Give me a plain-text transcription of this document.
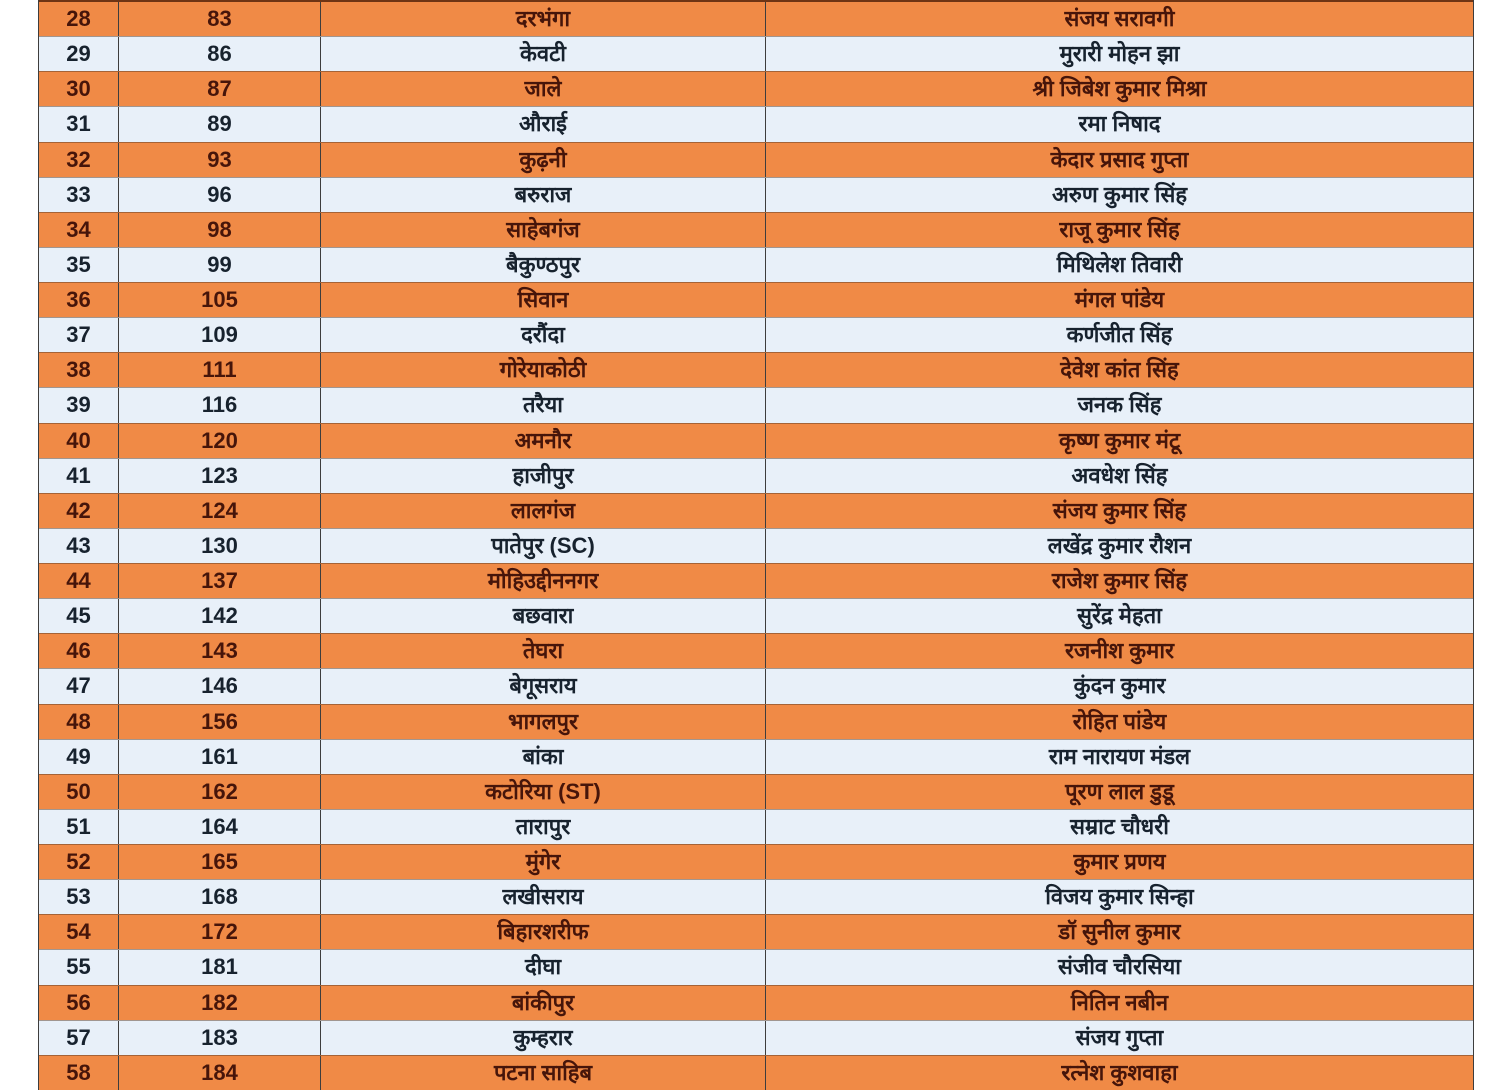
28	83	दरभंगा	संजय सरावगी
29	86	केवटी	मुरारी मोहन झा
30	87	जाले	श्री जिबेश कुमार मिश्रा
31	89	औराई	रमा निषाद
32	93	कुढ़नी	केदार प्रसाद गुप्ता
33	96	बरुराज	अरुण कुमार सिंह
34	98	साहेबगंज	राजू कुमार सिंह
35	99	बैकुण्ठपुर	मिथिलेश तिवारी
36	105	सिवान	मंगल पांडेय
37	109	दरौंदा	कर्णजीत सिंह
38	111	गोरेयाकोठी	देवेश कांत सिंह
39	116	तरैया	जनक सिंह
40	120	अमनौर	कृष्ण कुमार मंटू
41	123	हाजीपुर	अवधेश सिंह
42	124	लालगंज	संजय कुमार सिंह
43	130	पातेपुर (SC)	लखेंद्र कुमार रौशन
44	137	मोहिउद्दीननगर	राजेश कुमार सिंह
45	142	बछवारा	सुरेंद्र मेहता
46	143	तेघरा	रजनीश कुमार
47	146	बेगूसराय	कुंदन कुमार
48	156	भागलपुर	रोहित पांडेय
49	161	बांका	राम नारायण मंडल
50	162	कटोरिया (ST)	पूरण लाल डुडू
51	164	तारापुर	सम्राट चौधरी
52	165	मुंगेर	कुमार प्रणय
53	168	लखीसराय	विजय कुमार सिन्हा
54	172	बिहारशरीफ	डॉ सुनील कुमार
55	181	दीघा	संजीव चौरसिया
56	182	बांकीपुर	नितिन नबीन
57	183	कुम्हरार	संजय गुप्ता
58	184	पटना साहिब	रत्नेश कुशवाहा
